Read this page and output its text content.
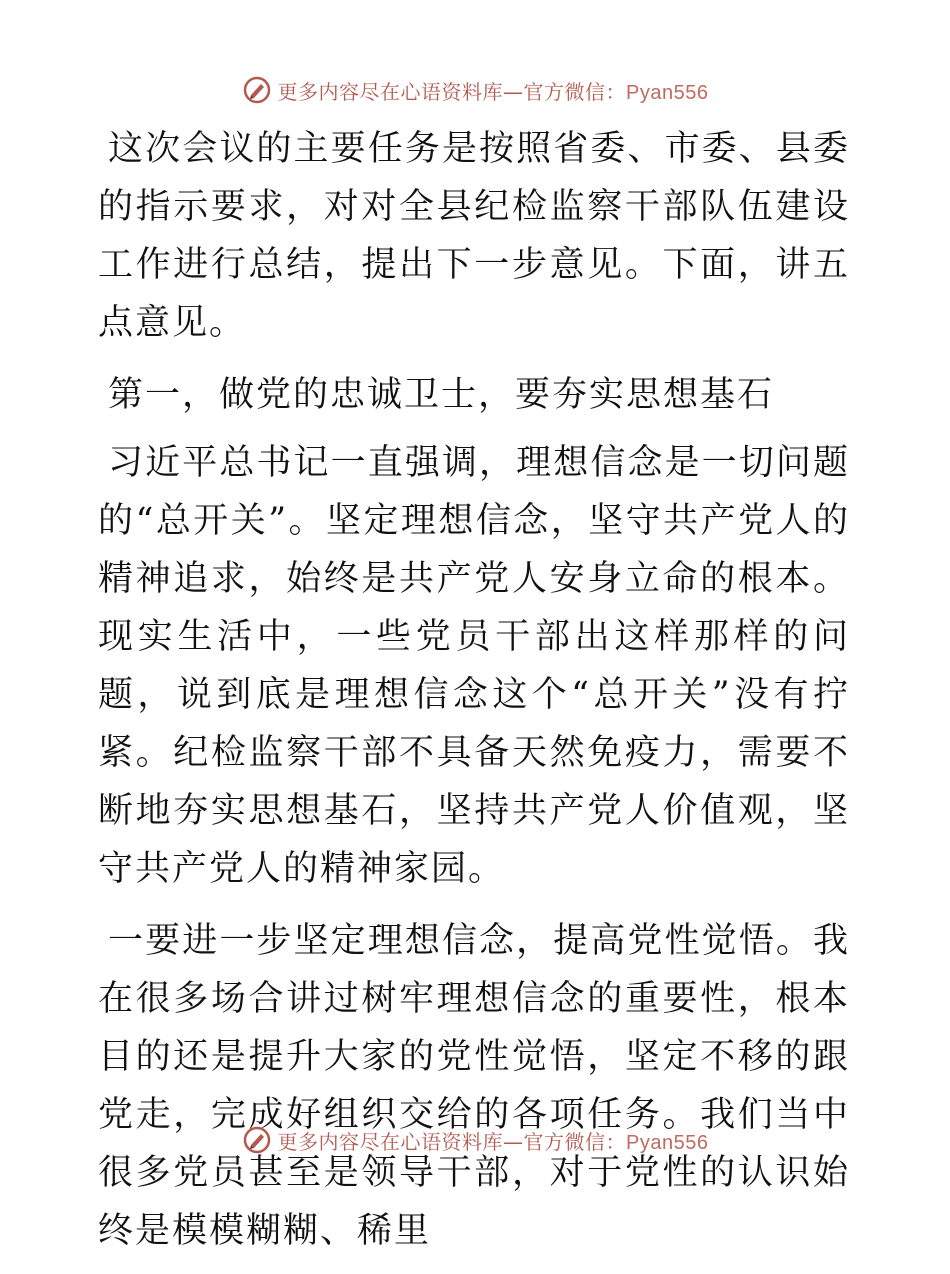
更多内容尽在心语资料库—官方微信：Pyan556

这次会议的主要任务是按照省委、市委、县委的指示要求，对对全县纪检监察干部队伍建设工作进行总结，提出下一步意见。下面，讲五点意见。

第一，做党的忠诚卫士，要夯实思想基石

习近平总书记一直强调，理想信念是一切问题的“总开关”。坚定理想信念，坚守共产党人的精神追求，始终是共产党人安身立命的根本。现实生活中，一些党员干部出这样那样的问题，说到底是理想信念这个“总开关”没有拧紧。纪检监察干部不具备天然免疫力，需要不断地夯实思想基石，坚持共产党人价值观，坚守共产党人的精神家园。

一要进一步坚定理想信念，提高党性觉悟。我在很多场合讲过树牢理想信念的重要性，根本目的还是提升大家的党性觉悟，坚定不移的跟党走，完成好组织交给的各项任务。我们当中很多党员甚至是领导干部，对于党性的认识始终是模模糊糊、稀里

更多内容尽在心语资料库—官方微信：Pyan556
